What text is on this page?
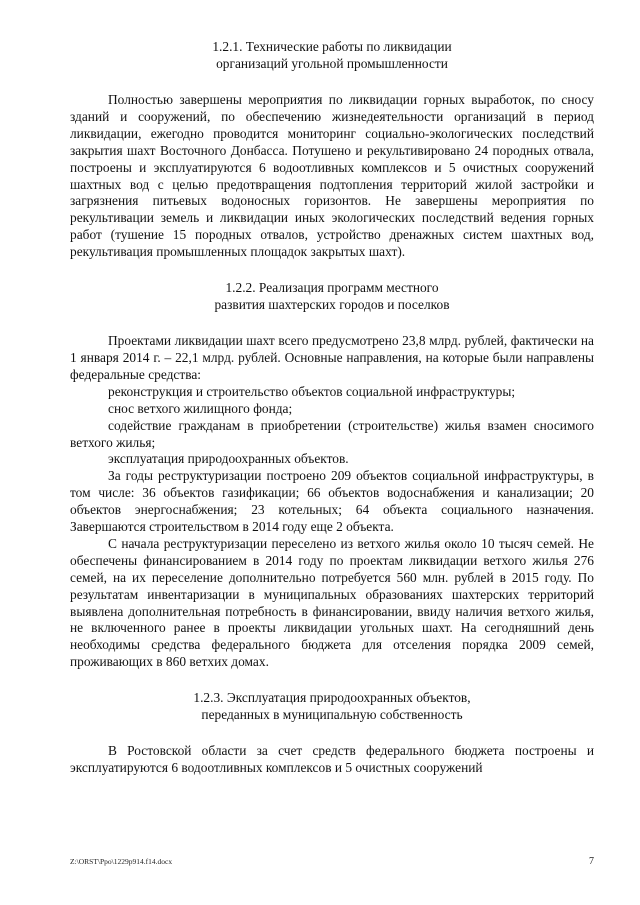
1.2.1. Технические работы по ликвидации
организаций угольной промышленности

Полностью завершены мероприятия по ликвидации горных выработок, по сносу зданий и сооружений, по обеспечению жизнедеятельности организаций в период ликвидации, ежегодно проводится мониторинг социально-экологических последствий закрытия шахт Восточного Донбасса. Потушено и рекультивировано 24 породных отвала, построены и эксплуатируются 6 водоотливных комплексов и 5 очистных сооружений шахтных вод с целью предотвращения подтопления территорий жилой застройки и загрязнения питьевых водоносных горизонтов. Не завершены мероприятия по рекультивации земель и ликвидации иных экологических последствий ведения горных работ (тушение 15 породных отвалов, устройство дренажных систем шахтных вод, рекультивация промышленных площадок закрытых шахт).

1.2.2. Реализация программ местного
развития шахтерских городов и поселков

Проектами ликвидации шахт всего предусмотрено 23,8 млрд. рублей, фактически на 1 января 2014 г. – 22,1 млрд. рублей. Основные направления, на которые были направлены федеральные средства:

реконструкция и строительство объектов социальной инфраструктуры;

снос ветхого жилищного фонда;

содействие гражданам в приобретении (строительстве) жилья взамен сносимого ветхого жилья;

эксплуатация природоохранных объектов.

За годы реструктуризации построено 209 объектов социальной инфраструктуры, в том числе: 36 объектов газификации; 66 объектов водоснабжения и канализации; 20 объектов энергоснабжения; 23 котельных; 64 объекта социального назначения. Завершаются строительством в 2014 году еще 2 объекта.

С начала реструктуризации переселено из ветхого жилья около 10 тысяч семей. Не обеспечены финансированием в 2014 году по проектам ликвидации ветхого жилья 276 семей, на их переселение дополнительно потребуется 560 млн. рублей в 2015 году. По результатам инвентаризации в муниципальных образованиях шахтерских территорий выявлена дополнительная потребность в финансировании, ввиду наличия ветхого жилья, не включенного ранее в проекты ликвидации угольных шахт. На сегодняшний день необходимы средства федерального бюджета для отселения порядка 2009 семей, проживающих в 860 ветхих домах.

1.2.3. Эксплуатация природоохранных объектов,
переданных в муниципальную собственность

В Ростовской области за счет средств федерального бюджета построены и эксплуатируются 6 водоотливных комплексов и 5 очистных сооружений

Z:\ORST\Ppo\1229p914.f14.docx	7
